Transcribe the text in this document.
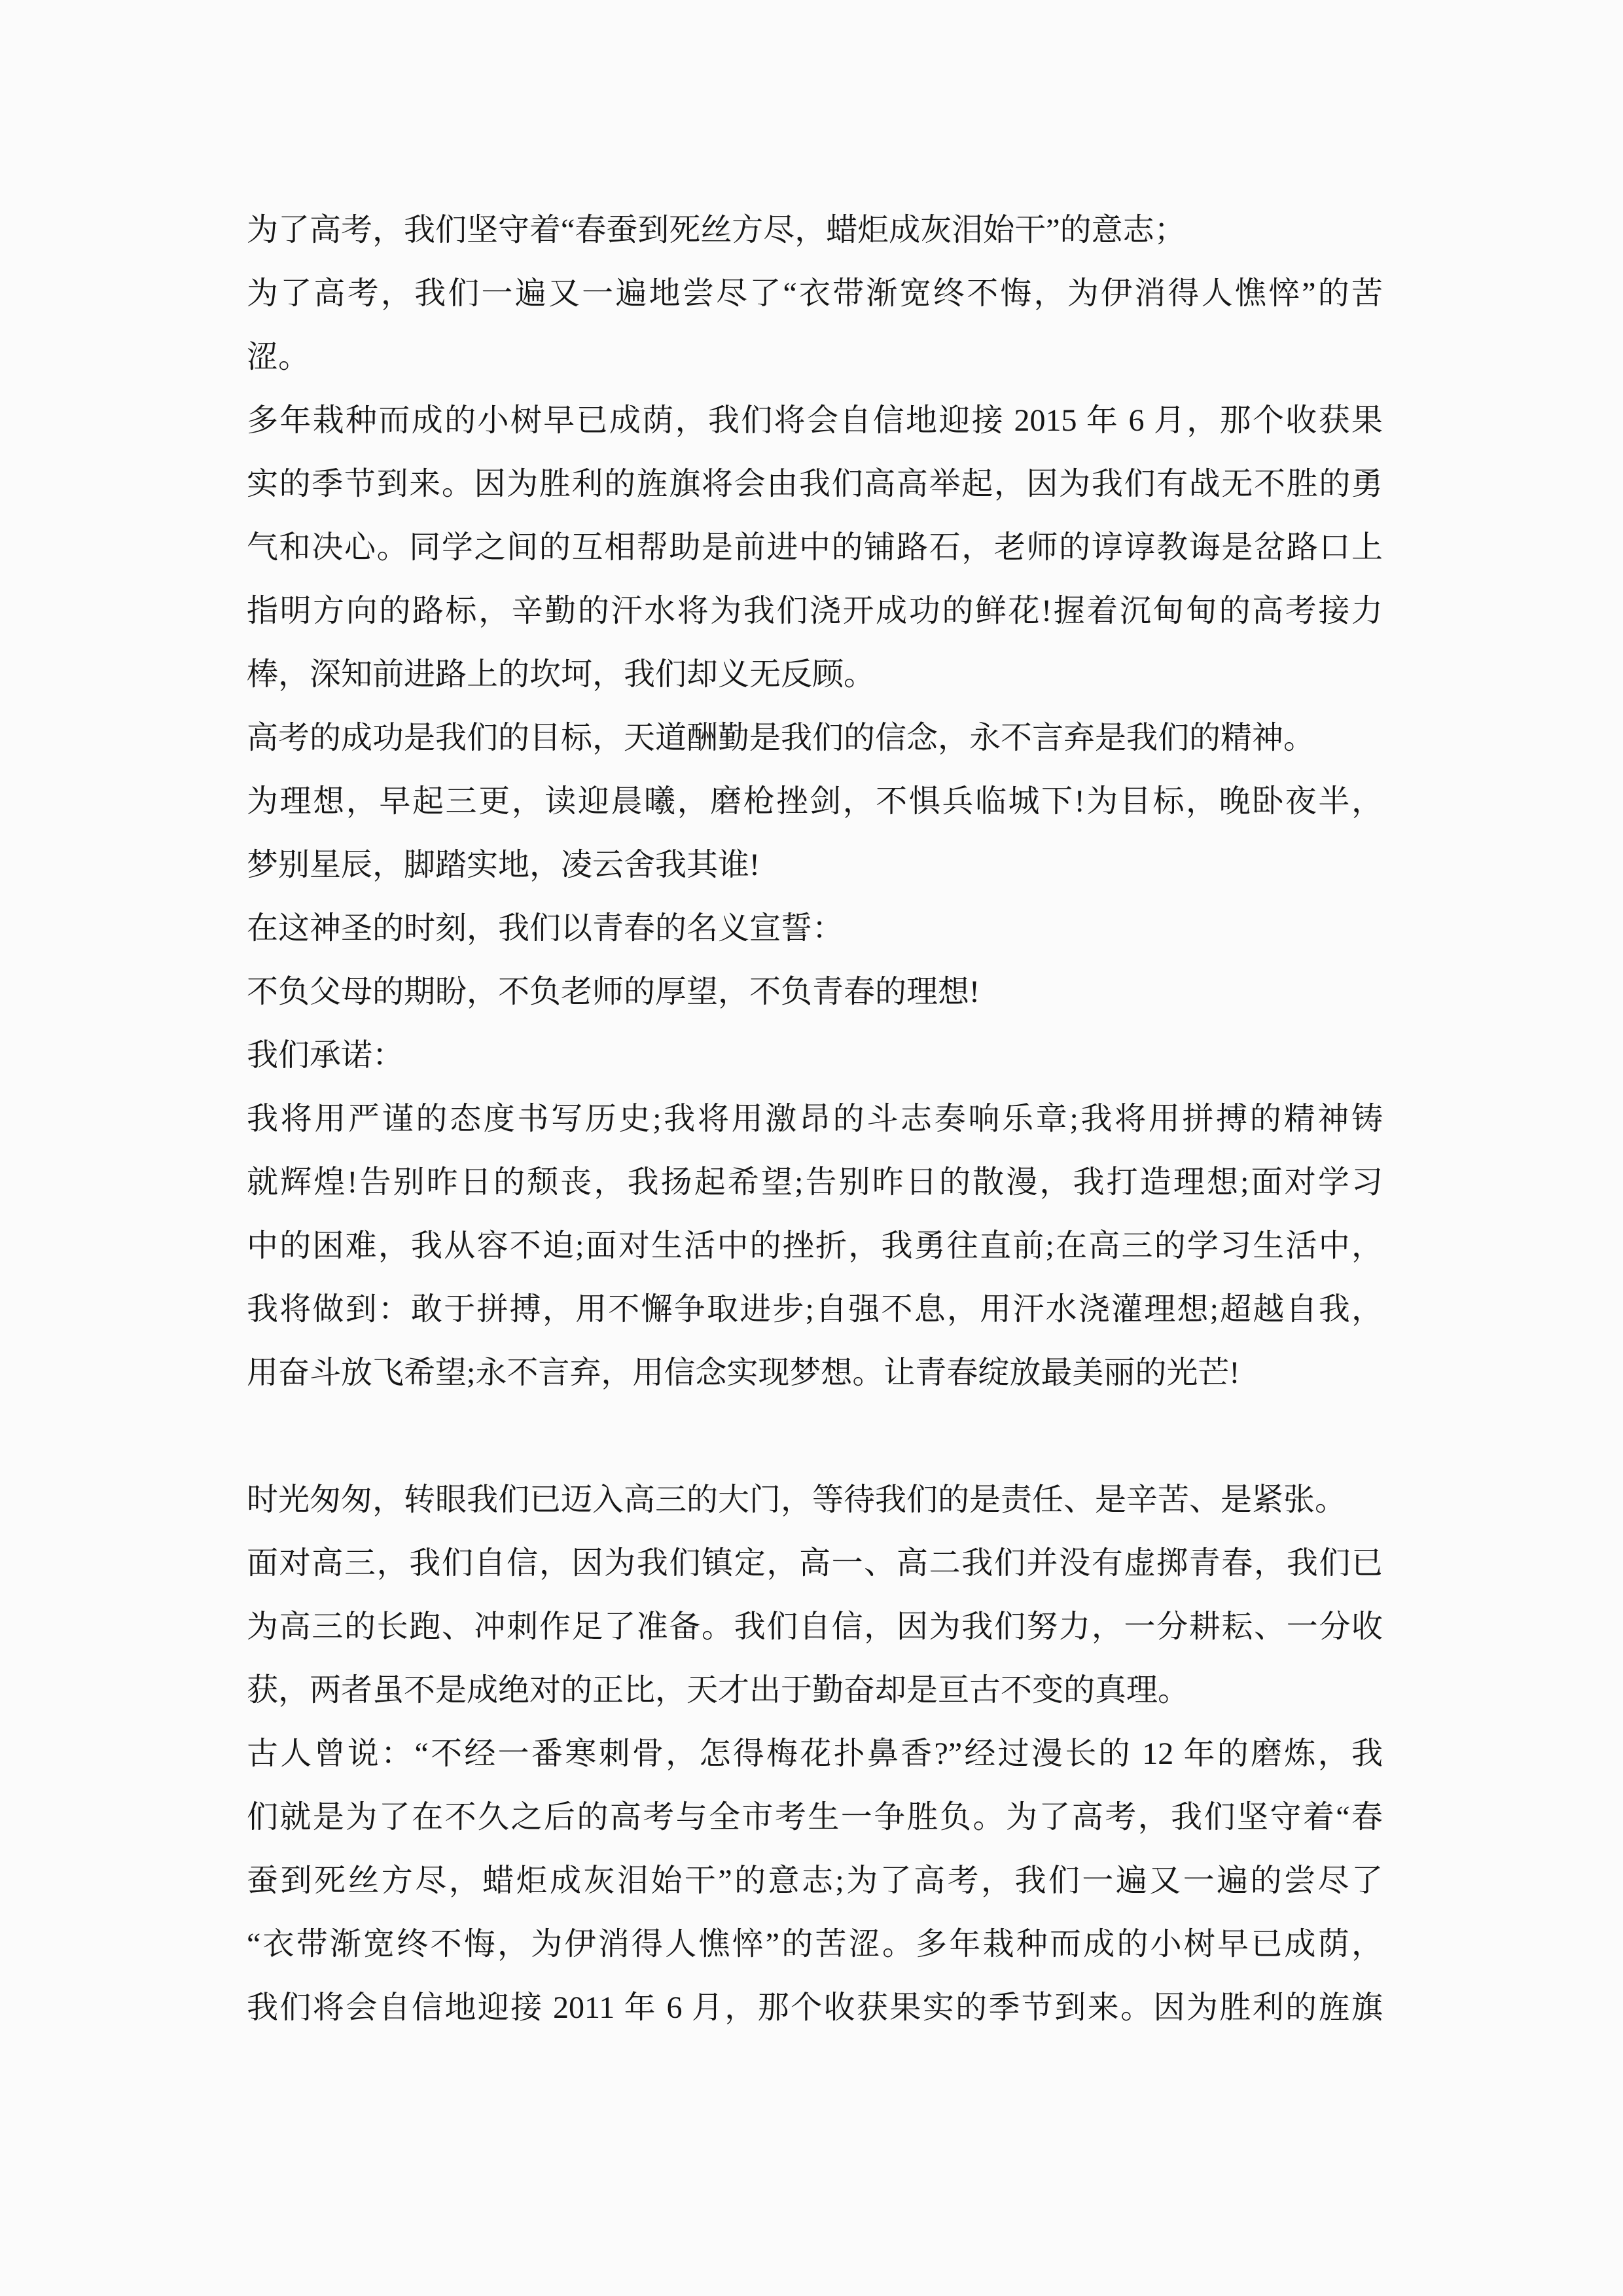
为了高考，我们坚守着“春蚕到死丝方尽，蜡炬成灰泪始干”的意志；
为了高考，我们一遍又一遍地尝尽了“衣带渐宽终不悔，为伊消得人憔悴”的苦
涩。
多年栽种而成的小树早已成荫，我们将会自信地迎接 2015 年 6 月，那个收获果
实的季节到来。因为胜利的旌旗将会由我们高高举起，因为我们有战无不胜的勇
气和决心。同学之间的互相帮助是前进中的铺路石，老师的谆谆教诲是岔路口上
指明方向的路标，辛勤的汗水将为我们浇开成功的鲜花!握着沉甸甸的高考接力
棒，深知前进路上的坎坷，我们却义无反顾。
高考的成功是我们的目标，天道酬勤是我们的信念，永不言弃是我们的精神。
为理想，早起三更，读迎晨曦，磨枪挫剑，不惧兵临城下!为目标，晚卧夜半，
梦别星辰，脚踏实地，凌云舍我其谁!
在这神圣的时刻，我们以青春的名义宣誓：
不负父母的期盼，不负老师的厚望，不负青春的理想!
我们承诺：
我将用严谨的态度书写历史;我将用激昂的斗志奏响乐章;我将用拼搏的精神铸
就辉煌!告别昨日的颓丧，我扬起希望;告别昨日的散漫，我打造理想;面对学习
中的困难，我从容不迫;面对生活中的挫折，我勇往直前;在高三的学习生活中，
我将做到：敢于拼搏，用不懈争取进步;自强不息，用汗水浇灌理想;超越自我，
用奋斗放飞希望;永不言弃，用信念实现梦想。让青春绽放最美丽的光芒!
时光匆匆，转眼我们已迈入高三的大门，等待我们的是责任、是辛苦、是紧张。
面对高三，我们自信，因为我们镇定，高一、高二我们并没有虚掷青春，我们已
为高三的长跑、冲刺作足了准备。我们自信，因为我们努力，一分耕耘、一分收
获，两者虽不是成绝对的正比，天才出于勤奋却是亘古不变的真理。
古人曾说：“不经一番寒刺骨，怎得梅花扑鼻香?”经过漫长的 12 年的磨炼，我
们就是为了在不久之后的高考与全市考生一争胜负。为了高考，我们坚守着“春
蚕到死丝方尽，蜡炬成灰泪始干”的意志;为了高考，我们一遍又一遍的尝尽了
“衣带渐宽终不悔，为伊消得人憔悴”的苦涩。多年栽种而成的小树早已成荫，
我们将会自信地迎接 2011 年 6 月，那个收获果实的季节到来。因为胜利的旌旗
